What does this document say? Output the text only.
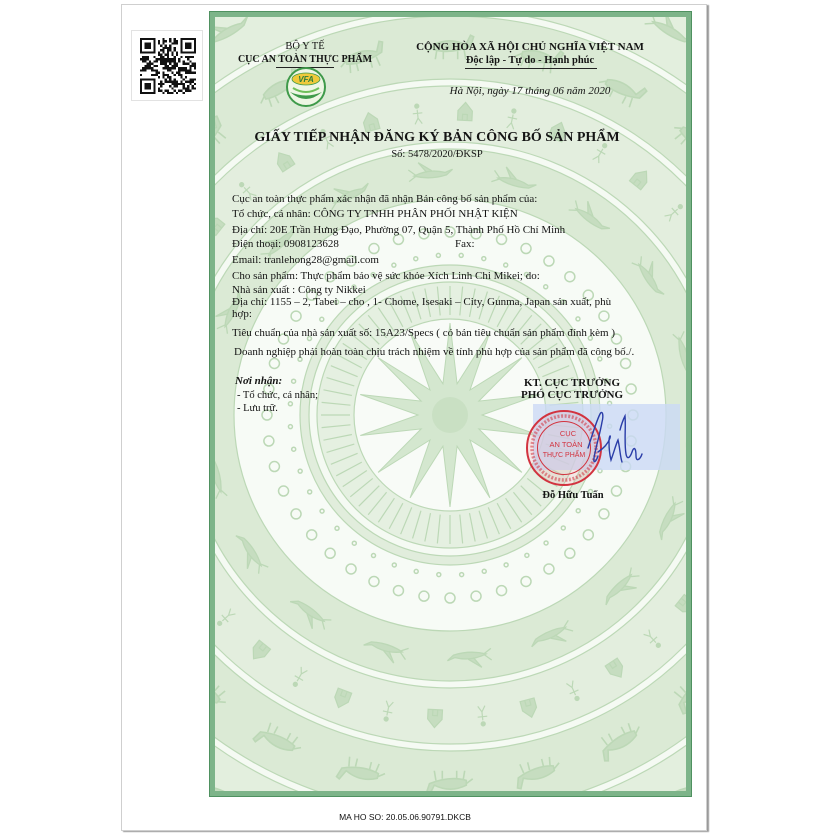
BỘ Y TẾ
CỤC AN TOÀN THỰC PHẨM
VFA
CỘNG HÒA XÃ HỘI CHỦ NGHĨA VIỆT NAM
Độc lập - Tự do - Hạnh phúc
Hà Nội, ngày 17 tháng 06 năm 2020
GIẤY TIẾP NHẬN ĐĂNG KÝ BẢN CÔNG BỐ SẢN PHẨM
Số: 5478/2020/ĐKSP
Cục an toàn thực phẩm xác nhận đã nhận Bản công bố sản phẩm của:
Tổ chức, cá nhân: CÔNG TY TNHH PHÂN PHỐI NHẬT KIỆN
Địa chỉ: 20E Trần Hưng Đạo, Phường 07, Quận 5, Thành Phố Hồ Chí Minh
Điện thoại: 0908123628	Fax:
Email: tranlehong28@gmail.com
Cho sản phẩm: Thực phẩm bảo vệ sức khỏe Xích Linh Chi Mikei; do:
Nhà sản xuất : Công ty Nikkei
Địa chỉ: 1155 – 2, Tabei – cho , 1- Chome, Isesaki – City, Gunma, Japan sản xuất, phù
hợp:
Tiêu chuẩn của nhà sản xuất số: 15A23/Specs ( có bản tiêu chuẩn sản phẩm đính kèm )
Doanh nghiệp phải hoàn toàn chịu trách nhiệm về tính phù hợp của sản phẩm đã công bố./.
Nơi nhận:
- Tổ chức, cá nhân;
- Lưu trữ.
KT. CỤC TRƯỞNG
PHÓ CỤC TRƯỞNG
CỤC
AN TOÀN
THỰC PHẨM
Đỗ Hữu Tuấn
MA HO SO: 20.05.06.90791.DKCB
